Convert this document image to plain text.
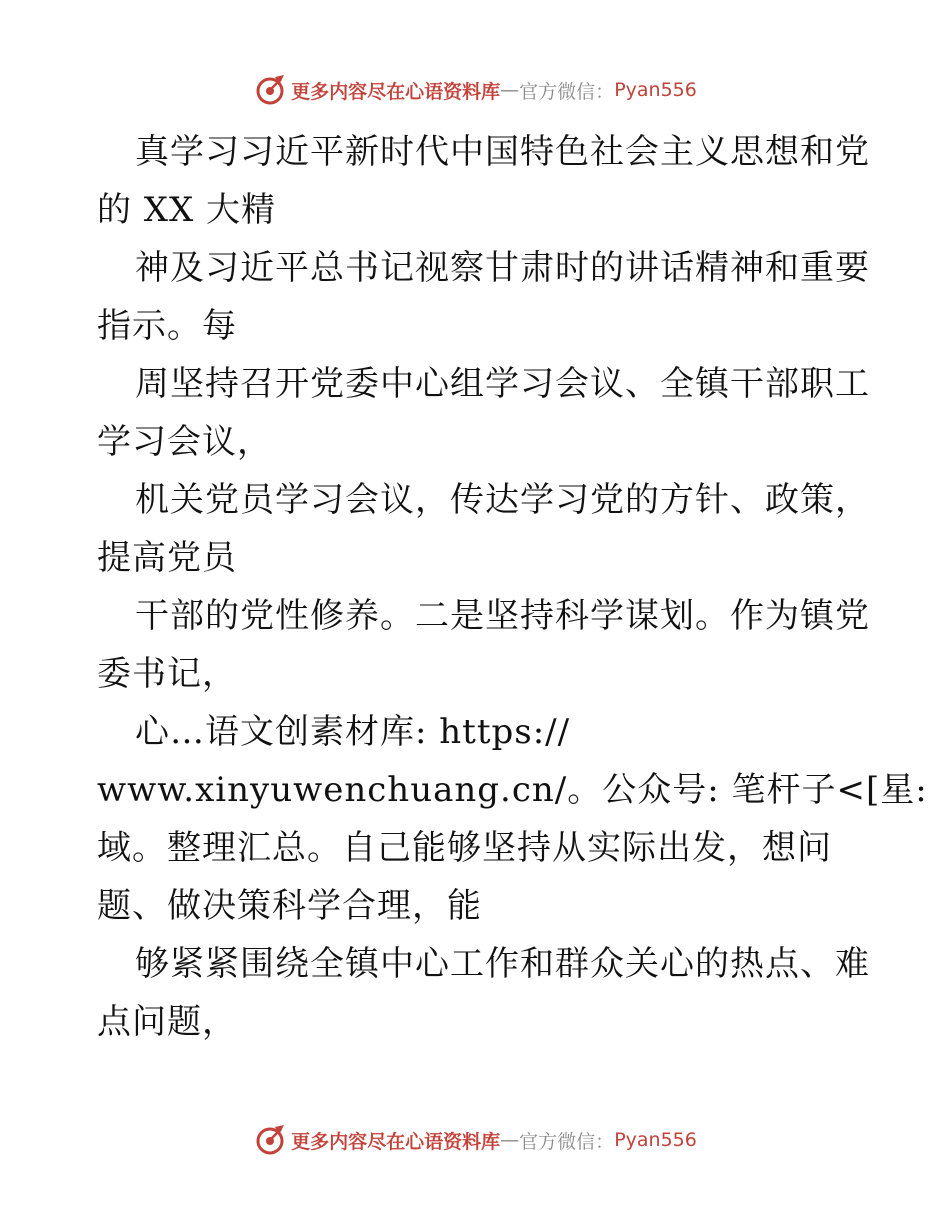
更多内容尽在心语资料库 — 官方微信： Pyan556
真学习习近平新时代中国特色社会主义思想和党
的 XX 大精
神及习近平总书记视察甘肃时的讲话精神和重要
指示。每
周坚持召开党委中心组学习会议、全镇干部职工
学习会议，
机关党员学习会议，传达学习党的方针、政策，
提高党员
干部的党性修养。二是坚持科学谋划。作为镇党
委书记，
心…语文创素材库: https://
www.xinyuwenchuang.cn/。公众号: 笔杆子<[星:
域。整理汇总。自己能够坚持从实际出发，想问
题、做决策科学合理，能
够紧紧围绕全镇中心工作和群众关心的热点、难
点问题，
更多内容尽在心语资料库 — 官方微信： Pyan556
